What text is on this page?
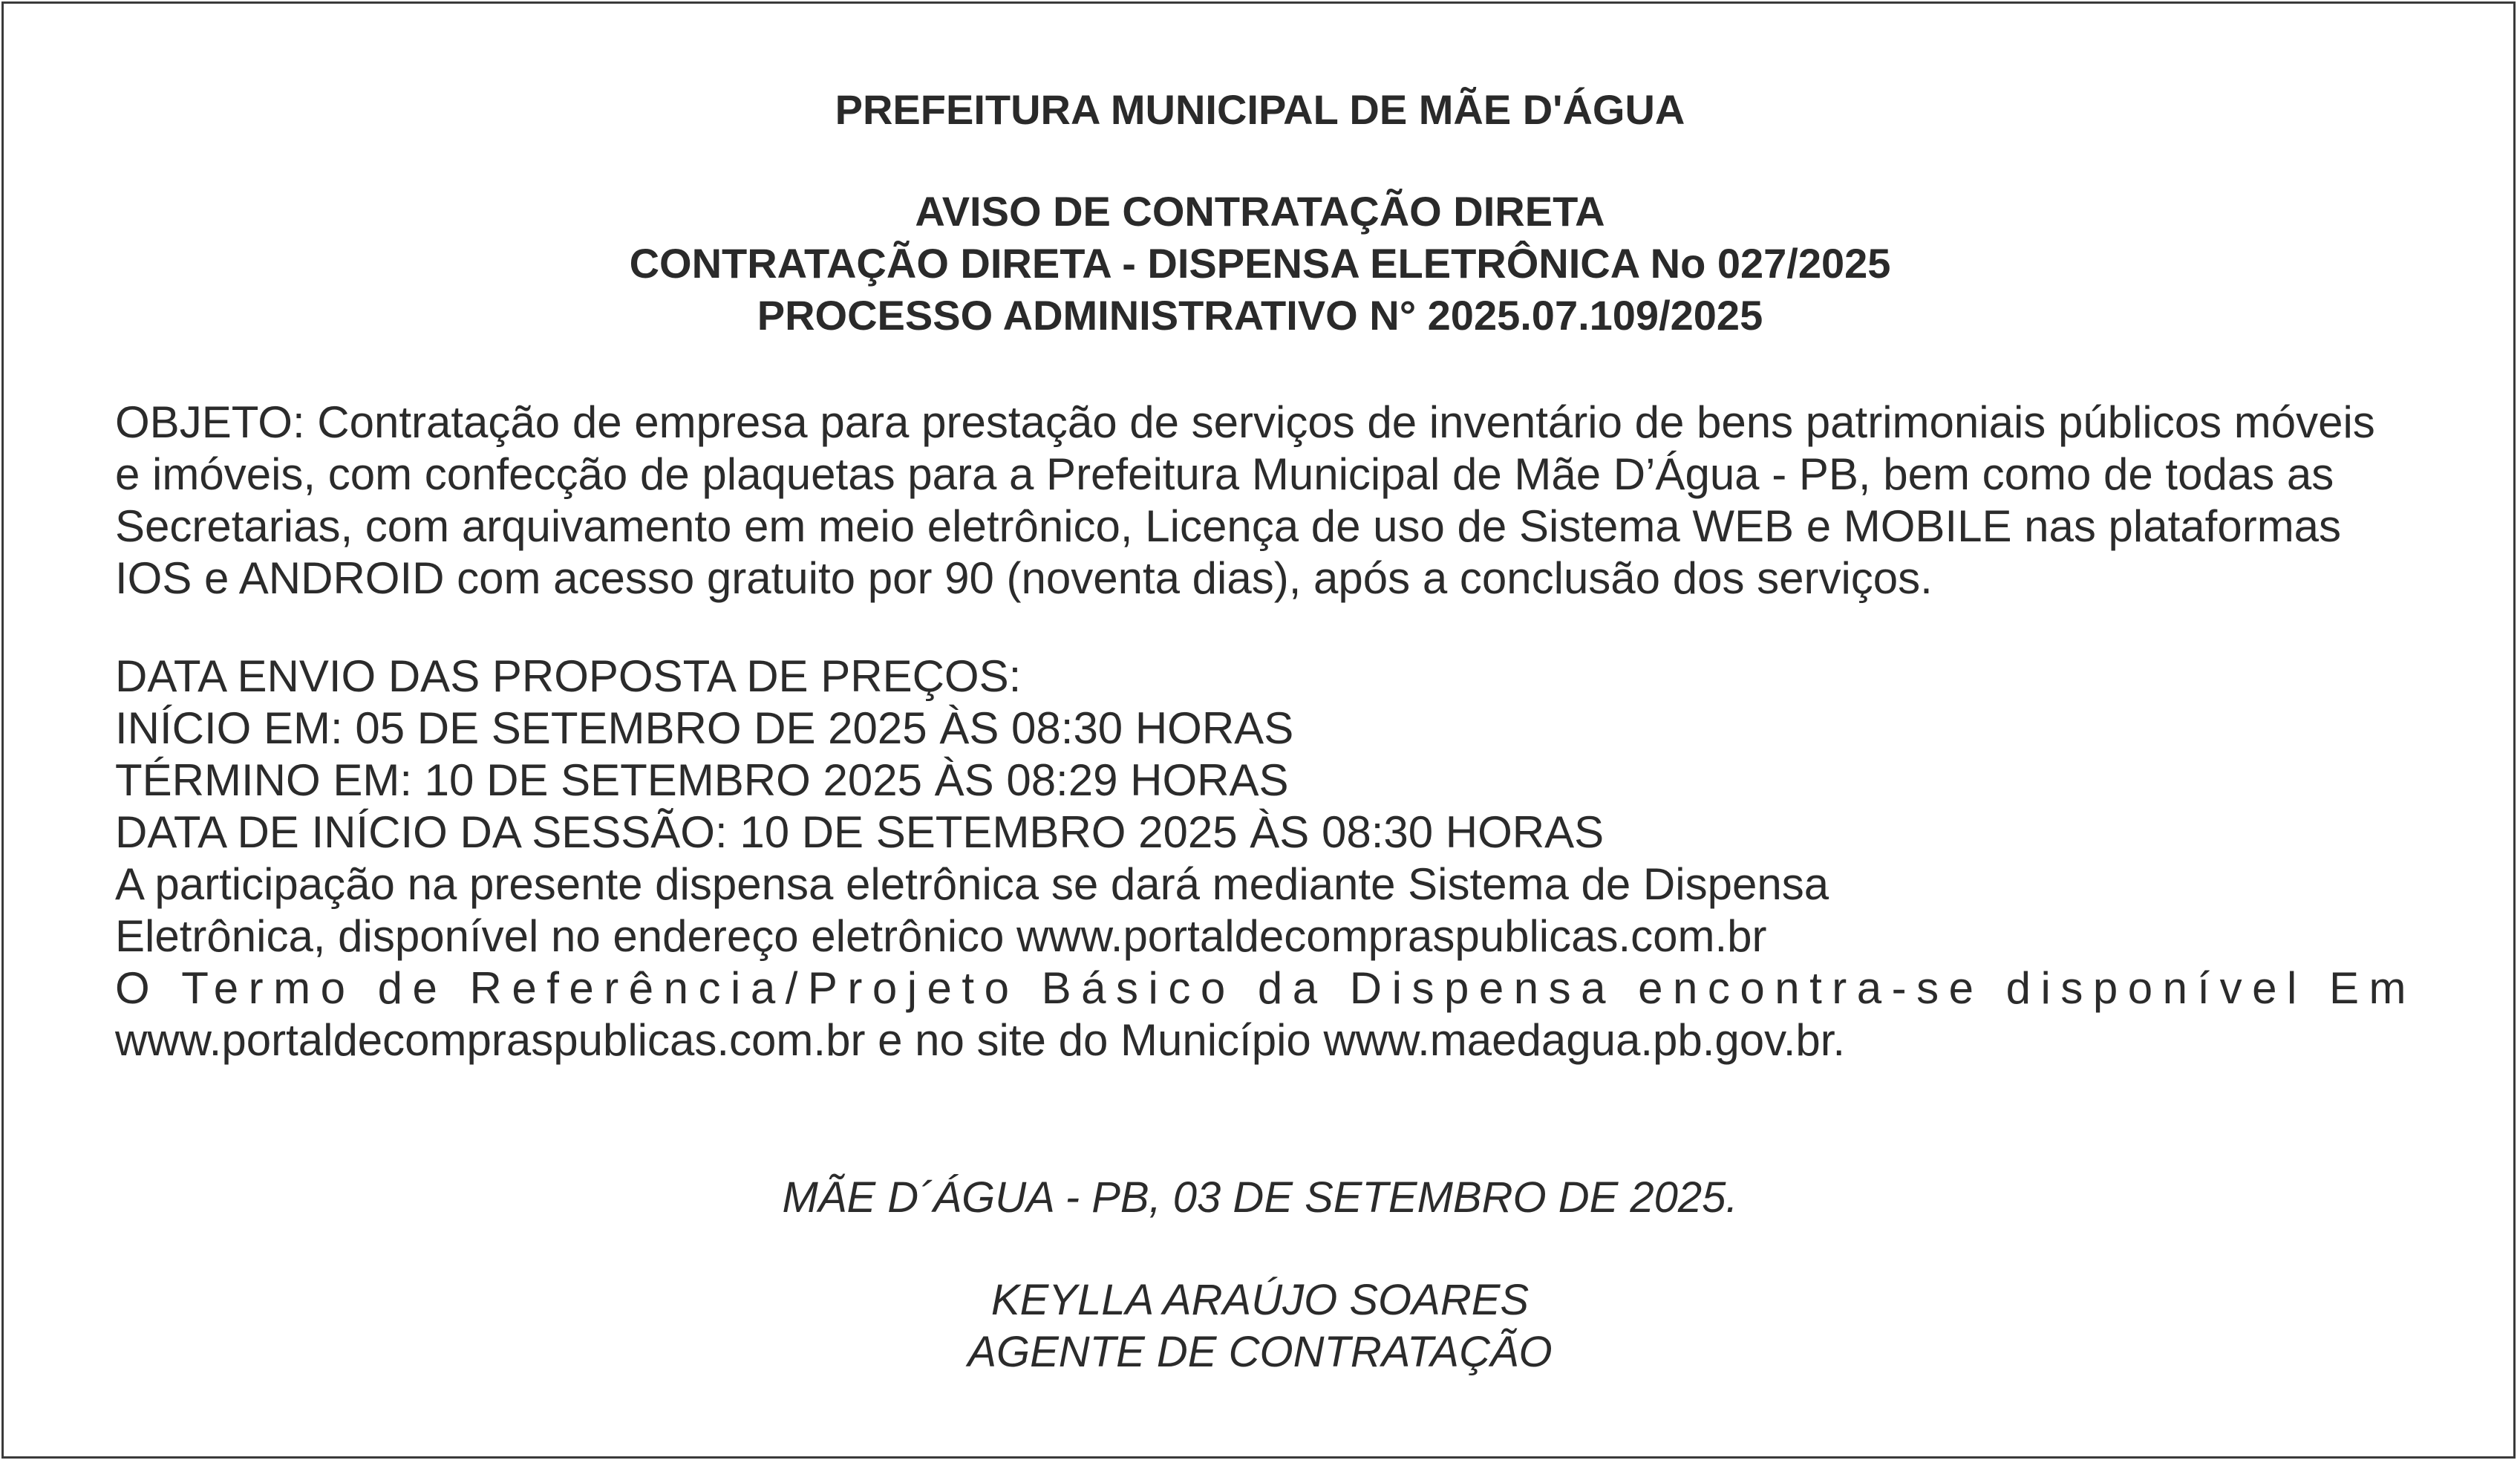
PREFEITURA MUNICIPAL DE MÃE D'ÁGUA
AVISO DE CONTRATAÇÃO DIRETA
CONTRATAÇÃO DIRETA - DISPENSA ELETRÔNICA No 027/2025
PROCESSO ADMINISTRATIVO N° 2025.07.109/2025
OBJETO: Contratação de empresa para prestação de serviços de inventário de bens patrimoniais públicos móveis
e imóveis, com confecção de plaquetas para a Prefeitura Municipal de Mãe D’Água - PB, bem como de todas as
Secretarias, com arquivamento em meio eletrônico, Licença de uso de Sistema WEB e MOBILE nas plataformas
IOS e ANDROID com acesso gratuito por 90 (noventa dias), após a conclusão dos serviços.
DATA ENVIO DAS PROPOSTA DE PREÇOS:
INÍCIO EM: 05 DE SETEMBRO DE 2025 ÀS 08:30 HORAS
TÉRMINO EM: 10 DE SETEMBRO 2025 ÀS 08:29 HORAS
DATA DE INÍCIO DA SESSÃO: 10 DE SETEMBRO 2025 ÀS 08:30 HORAS
A participação na presente dispensa eletrônica se dará mediante Sistema de Dispensa
Eletrônica, disponível no endereço eletrônico www.portaldecompraspublicas.com.br
O Termo de Referência/Projeto Básico da Dispensa encontra-se disponível Em
www.portaldecompraspublicas.com.br e no site do Município www.maedagua.pb.gov.br.
MÃE D´ÁGUA - PB, 03 DE SETEMBRO DE 2025.
KEYLLA ARAÚJO SOARES
AGENTE DE CONTRATAÇÃO
